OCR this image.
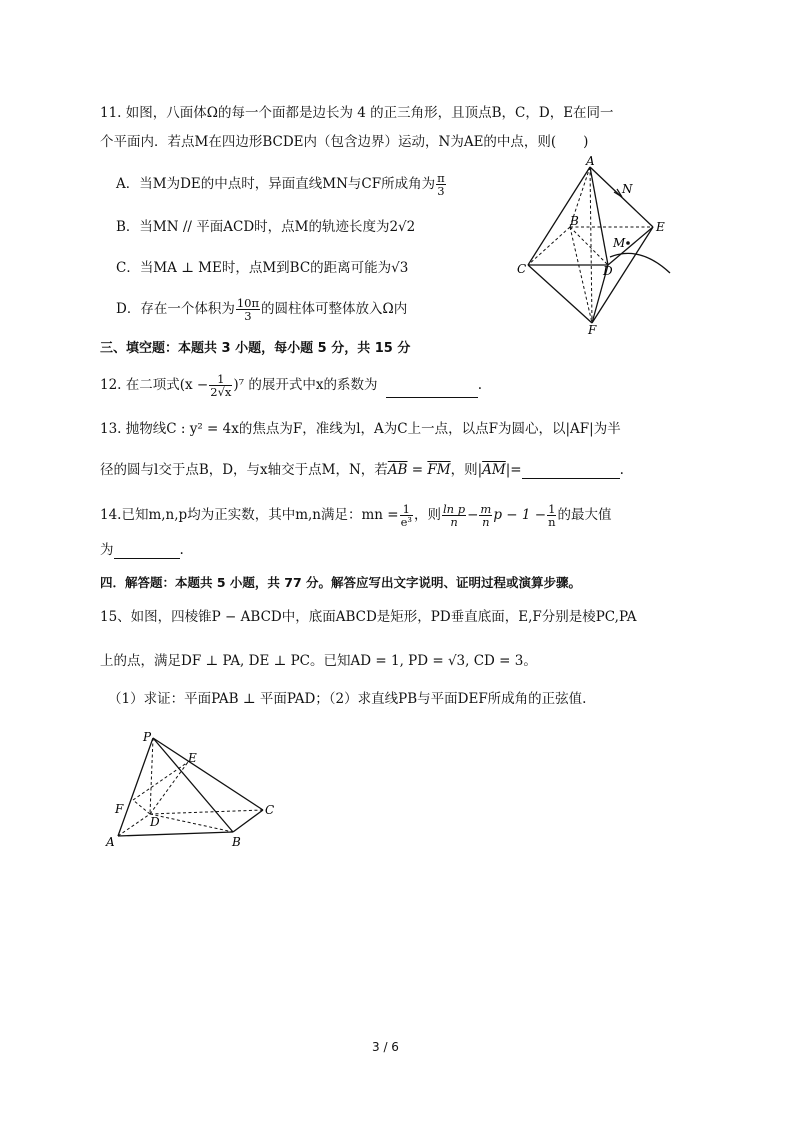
11. 如图，八面体Ω的每一个面都是边长为 4 的正三角形，且顶点B，C，D，E在同一
个平面内．若点M在四边形BCDE内（包含边界）运动，N为AE的中点，则(　　)
A．当M为DE的中点时，异面直线MN与CF所成角为 $\frac{\pi}{3}$
B．当MN // 平面ACD时，点M的轨迹长度为2√2
C．当MA ⊥ ME时，点M到BC的距离可能为√3
D．存在一个体积为 $\frac{10\pi}{3}$ 的圆柱体可整体放入Ω内
A
N
B	E
M
C	D
F
三、填空题：本题共 3 小题，每小题 5 分，共 15 分
12. 在二项式$(x - \frac{1}{2√x} )^7$ 的展开式中x的系数为	.
13. 抛物线C : y² = 4x的焦点为F，准线为l，A为C上一点，以点F为圆心，以|AF|为半
径的圆与l交于点B，D，与x轴交于点M，N，若$\overline{AB} = \overline{FM}$，则$|\overline{AM}|=$	.
14.已知m,n,p均为正实数，其中m,n满足：mn = $\frac{1}{\text{e³}}$ ，则 $\frac{\text{ln p}}{n} - \frac{m}{n}$ $p - 1 - \frac{1}{n}$ 的最大值
为	.
四．解答题：本题共 5 小题，共 77 分。解答应写出文字说明、证明过程或演算步骤。
15、如图，四棱锥P − ABCD中，底面ABCD是矩形，PD垂直底面，E,F分别是棱PC,PA
上的点，满足DF ⊥ PA, DE ⊥ PC。已知AD = 1, PD = √3, CD = 3。
（1）求证：平面PAB ⊥ 平面PAD；（2）求直线PB与平面DEF所成角的正弦值.
P
E
F
D
C
A	B
3 / 6
